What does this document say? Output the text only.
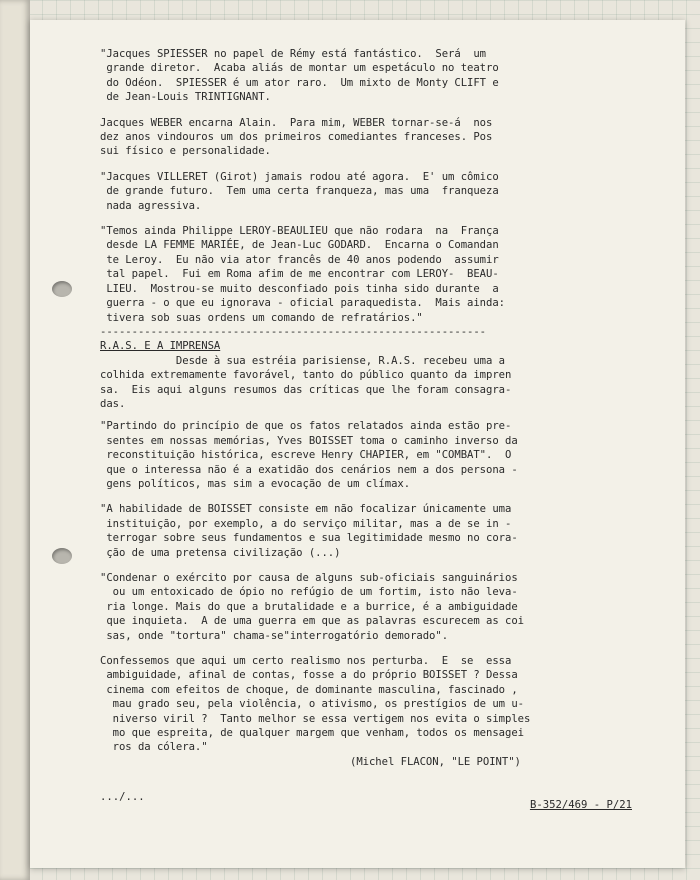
"Jacques SPIESSER no papel de Rémy está fantástico.  Será  um

grande diretor.  Acaba aliás de montar um espetáculo no teatro

do Odéon.  SPIESSER é um ator raro.  Um mixto de Monty CLIFT e

de Jean-Louis TRINTIGNANT.

Jacques WEBER encarna Alain.  Para mim, WEBER tornar-se-á  nos

dez anos vindouros um dos primeiros comediantes franceses. Pos

sui físico e personalidade.

"Jacques VILLERET (Girot) jamais rodou até agora.  E' um cômico

de grande futuro.  Tem uma certa franqueza, mas uma  franqueza

nada agressiva.

"Temos ainda Philippe LEROY-BEAULIEU que não rodara  na  França

desde LA FEMME MARIÉE, de Jean-Luc GODARD.  Encarna o Comandan

te Leroy.  Eu não via ator francês de 40 anos podendo  assumir

tal papel.  Fui em Roma afim de me encontrar com LEROY-  BEAU-

LIEU.  Mostrou-se muito desconfiado pois tinha sido durante  a

guerra - o que eu ignorava - oficial paraquedista.  Mais ainda:

tivera sob suas ordens um comando de refratários."

-------------------------------------------------------------

R.A.S. E A IMPRENSA

Desde à sua estréia parisiense, R.A.S. recebeu uma a

colhida extremamente favorável, tanto do público quanto da impren

sa.  Eis aqui alguns resumos das críticas que lhe foram consagra-

das.

"Partindo do princípio de que os fatos relatados ainda estão pre-

sentes em nossas memórias, Yves BOISSET toma o caminho inverso da

reconstituição histórica, escreve Henry CHAPIER, em "COMBAT".  O

que o interessa não é a exatidão dos cenários nem a dos persona -

gens políticos, mas sim a evocação de um clímax.

"A habilidade de BOISSET consiste em não focalizar únicamente uma

instituição, por exemplo, a do serviço militar, mas a de se in -

terrogar sobre seus fundamentos e sua legitimidade mesmo no cora-

ção de uma pretensa civilização (...)

"Condenar o exército por causa de alguns sub-oficiais sanguinários

ou um entoxicado de ópio no refúgio de um fortim, isto não leva-

ria longe. Mais do que a brutalidade e a burrice, é a ambiguidade

que inquieta.  A de uma guerra em que as palavras escurecem as coi

sas, onde "tortura" chama-se"interrogatório demorado".

Confessemos que aqui um certo realismo nos perturba.  E  se  essa

ambiguidade, afinal de contas, fosse a do próprio BOISSET ? Dessa

cinema com efeitos de choque, de dominante masculina, fascinado ,

mau grado seu, pela violência, o ativismo, os prestígios de um u-

niverso viril ?  Tanto melhor se essa vertigem nos evita o simples

mo que espreita, de qualquer margem que venham, todos os mensagei

ros da cólera."

(Michel FLACON, "LE POINT")

.../...
B-352/469 - P/21
